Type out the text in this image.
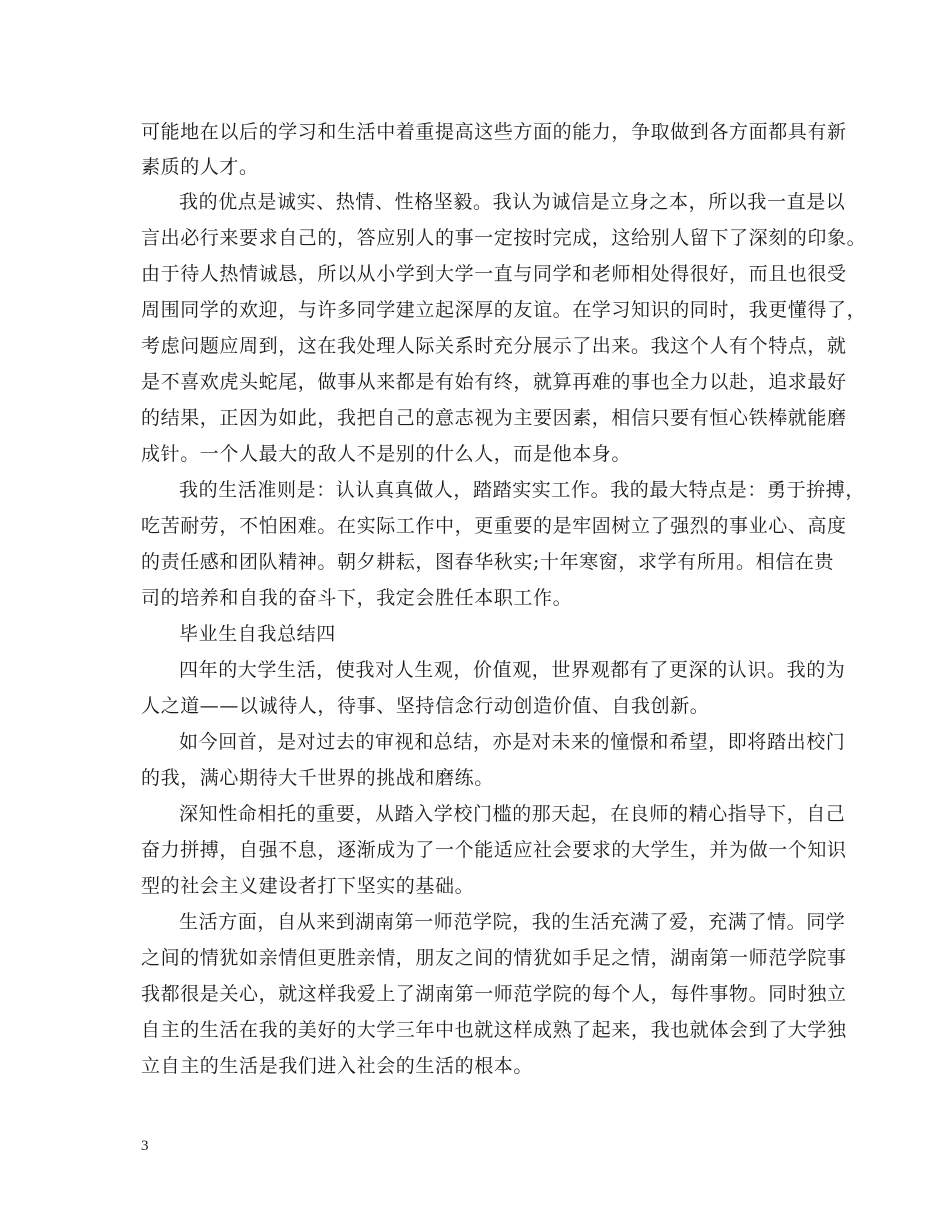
可能地在以后的学习和生活中着重提高这些方面的能力，争取做到各方面都具有新
素质的人才。
我的优点是诚实、热情、性格坚毅。我认为诚信是立身之本，所以我一直是以
言出必行来要求自己的，答应别人的事一定按时完成，这给别人留下了深刻的印象。
由于待人热情诚恳，所以从小学到大学一直与同学和老师相处得很好，而且也很受
周围同学的欢迎，与许多同学建立起深厚的友谊。在学习知识的同时，我更懂得了，
考虑问题应周到，这在我处理人际关系时充分展示了出来。我这个人有个特点，就
是不喜欢虎头蛇尾，做事从来都是有始有终，就算再难的事也全力以赴，追求最好
的结果，正因为如此，我把自己的意志视为主要因素，相信只要有恒心铁棒就能磨
成针。一个人最大的敌人不是别的什么人，而是他本身。
我的生活准则是：认认真真做人，踏踏实实工作。我的最大特点是：勇于拚搏，
吃苦耐劳，不怕困难。在实际工作中，更重要的是牢固树立了强烈的事业心、高度
的责任感和团队精神。朝夕耕耘，图春华秋实;十年寒窗，求学有所用。相信在贵
司的培养和自我的奋斗下，我定会胜任本职工作。
毕业生自我总结四
四年的大学生活，使我对人生观，价值观，世界观都有了更深的认识。我的为
人之道——以诚待人，待事、坚持信念行动创造价值、自我创新。
如今回首，是对过去的审视和总结，亦是对未来的憧憬和希望，即将踏出校门
的我，满心期待大千世界的挑战和磨练。
深知性命相托的重要，从踏入学校门槛的那天起，在良师的精心指导下，自己
奋力拼搏，自强不息，逐渐成为了一个能适应社会要求的大学生，并为做一个知识
型的社会主义建设者打下坚实的基础。
生活方面，自从来到湖南第一师范学院，我的生活充满了爱，充满了情。同学
之间的情犹如亲情但更胜亲情，朋友之间的情犹如手足之情，湖南第一师范学院事
我都很是关心，就这样我爱上了湖南第一师范学院的每个人，每件事物。同时独立
自主的生活在我的美好的大学三年中也就这样成熟了起来，我也就体会到了大学独
立自主的生活是我们进入社会的生活的根本。
3
